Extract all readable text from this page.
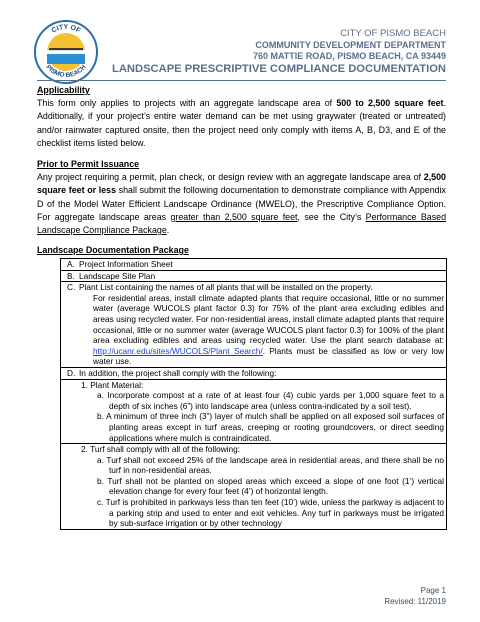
CITY OF
PISMO BEACH
CITY OF PISMO BEACH
COMMUNITY DEVELOPMENT DEPARTMENT
760 MATTIE ROAD, PISMO BEACH, CA 93449
LANDSCAPE PRESCRIPTIVE COMPLIANCE DOCUMENTATION
Applicability
This form only applies to projects with an aggregate landscape area of 500 to 2,500 square feet. Additionally, if your project’s entire water demand can be met using graywater (treated or untreated) and/or rainwater captured onsite, then the project need only comply with items A, B, D3, and E of the checklist items listed below.
Prior to Permit Issuance
Any project requiring a permit, plan check, or design review with an aggregate landscape area of 2,500 square feet or less shall submit the following documentation to demonstrate compliance with Appendix D of the Model Water Efficient Landscape Ordinance (MWELO), the Prescriptive Compliance Option. For aggregate landscape areas greater than 2,500 square feet, see the City’s Performance Based Landscape Compliance Package.
Landscape Documentation Package
A. Project Information Sheet
B. Landscape Site Plan

C. Plant List containing the names of all plants that will be installed on the property.
For residential areas, install climate adapted plants that require occasional, little or no summer water (average WUCOLS plant factor 0.3) for 75% of the plant area excluding edibles and areas using recycled water. For non-residential areas, install climate adapted plants that require occasional, little or no summer water (average WUCOLS plant factor 0.3) for 100% of the plant area excluding edibles and areas using recycled water. Use the plant search database at: http://ucanr.edu/sites/WUCOLS/Plant_Search/. Plants must be classified as low or very low water use.

D. In addition, the project shall comply with the following:

1. Plant Material:
a. Incorporate compost at a rate of at least four (4) cubic yards per 1,000 square feet to a depth of six inches (6”) into landscape area (unless contra-indicated by a soil test).
b. A minimum of three inch (3”) layer of mulch shall be applied on all exposed soil surfaces of planting areas except in turf areas, creeping or rooting groundcovers, or direct seeding applications where mulch is contraindicated.

2. Turf shall comply with all of the following:
a. Turf shall not exceed 25% of the landscape area in residential areas, and there shall be no turf in non-residential areas.
b. Turf shall not be planted on sloped areas which exceed a slope of one foot (1’) vertical elevation change for every four feet (4’) of horizontal length.
c. Turf is prohibited in parkways less than ten feet (10’) wide, unless the parkway is adjacent to a parking strip and used to enter and exit vehicles. Any turf in parkways must be irrigated by sub-surface irrigation or by other technology
Page 1
Revised: 11/2019
